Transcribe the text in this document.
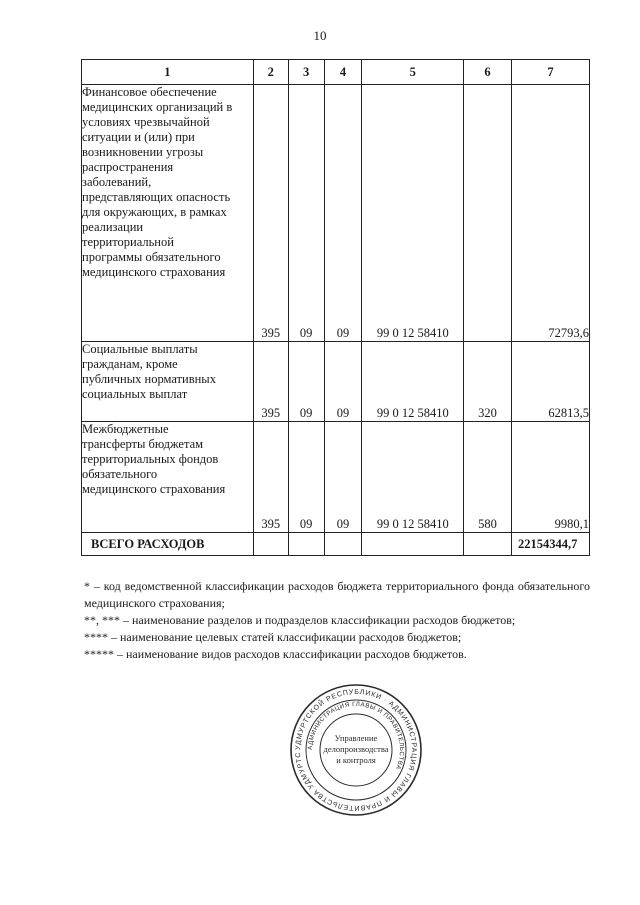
10
1	2	3	4	5	6	7
Финансовое обеспечение медицинских организаций в условиях чрезвычайной ситуации и (или) при возникновении угрозы распространения заболеваний, представляющих опасность для окружающих, в рамках реализации территориальной программы обязательного медицинского страхования	395	09	09	99 0 12 58410		72793,6
Социальные выплаты гражданам, кроме публичных нормативных социальных выплат	395	09	09	99 0 12 58410	320	62813,5
Межбюджетные трансферты бюджетам территориальных фондов обязательного медицинского страхования	395	09	09	99 0 12 58410	580	9980,1
ВСЕГО РАСХОДОВ						22154344,7
* – код ведомственной классификации расходов бюджета территориального фонда обязательного медицинского страхования;
**, *** – наименование разделов и подразделов классификации расходов бюджетов;
**** – наименование целевых статей классификации расходов бюджетов;
***** – наименование видов расходов классификации расходов бюджетов.
УДМУРТСКОЙ РЕСПУБЛИКИ · АДМИНИСТРАЦИЯ ГЛАВЫ И ПРАВИТЕЛЬСТВА УДМУРТС
АДМИНИСТРАЦИЯ ГЛАВЫ И ПРАВИТЕЛЬСТВА
Управление
делопроизводства
и контроля
